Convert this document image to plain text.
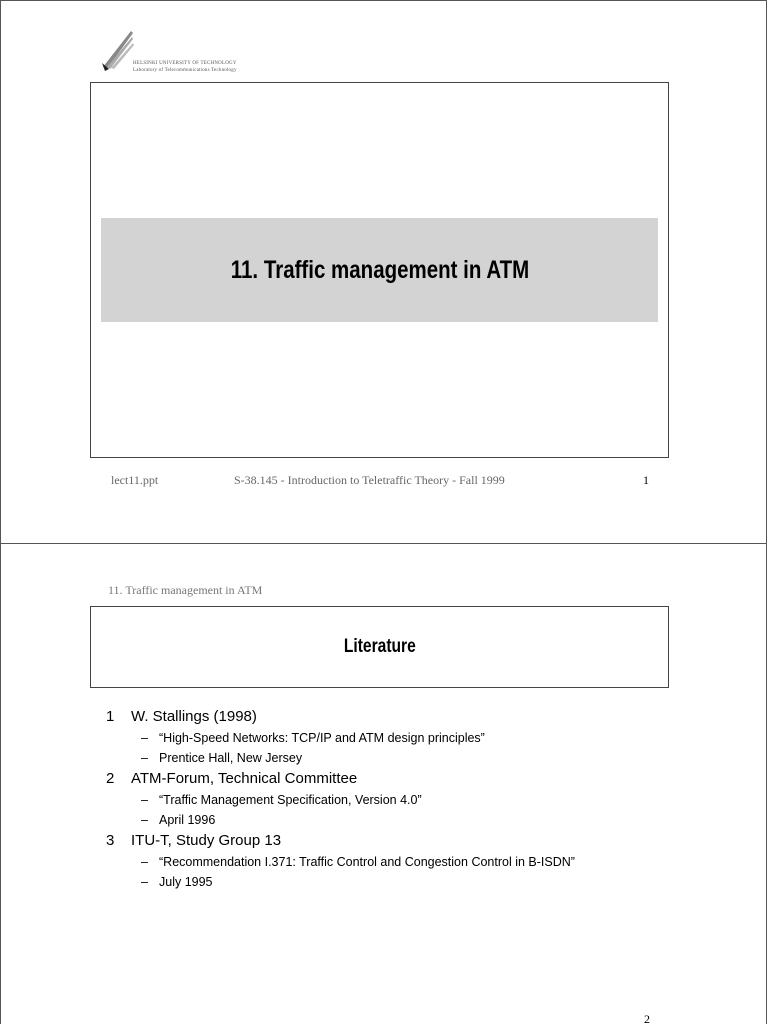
HELSINKI UNIVERSITY OF TECHNOLOGY
Laboratory of Telecommunications Technology
11. Traffic management in ATM
lect11.ppt	S-38.145 - Introduction to Teletraffic Theory - Fall 1999	1
11. Traffic management in ATM
Literature
1 W. Stallings (1998)
– “High-Speed Networks: TCP/IP and ATM design principles”
– Prentice Hall, New Jersey
2 ATM-Forum, Technical Committee
– “Traffic Management Specification, Version 4.0”
– April 1996
3 ITU-T, Study Group 13
– “Recommendation I.371: Traffic Control and Congestion Control in B-ISDN”
– July 1995
2
